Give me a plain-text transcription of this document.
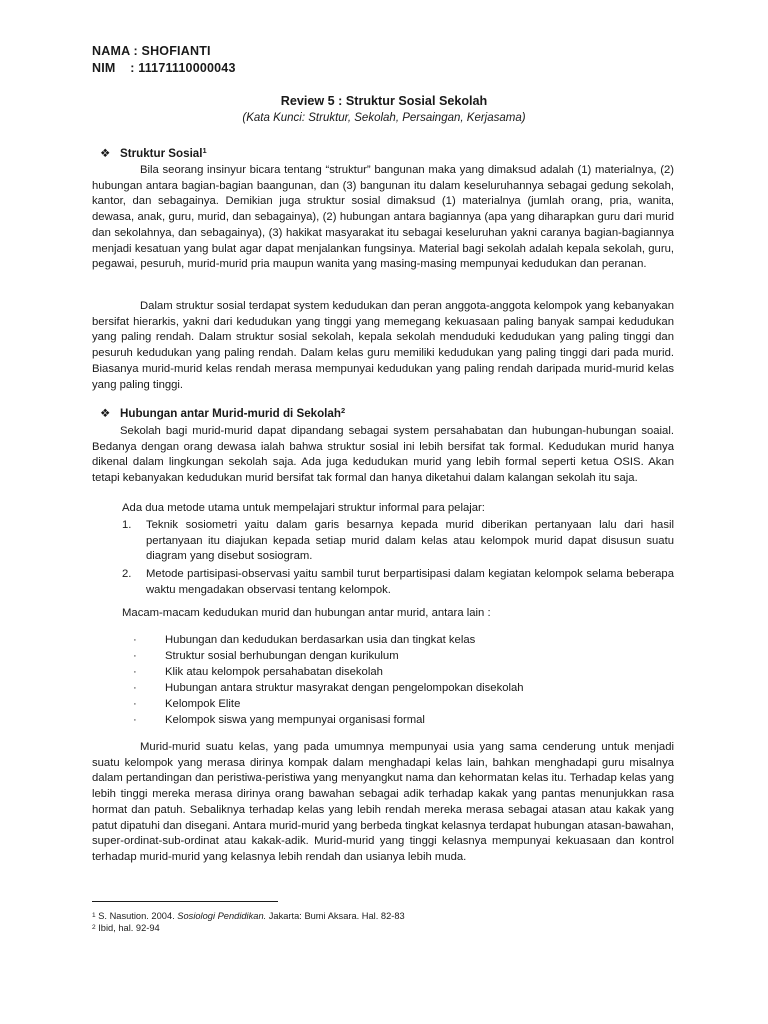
NAMA : SHOFIANTI
NIM    : 11171110000043
Review 5 : Struktur Sosial Sekolah
(Kata Kunci: Struktur, Sekolah, Persaingan, Kerjasama)
❖ Struktur Sosial$^1$
Bila seorang insinyur bicara tentang “struktur” bangunan maka yang dimaksud adalah (1) materialnya, (2) hubungan antara bagian-bagian baangunan, dan (3) bangunan itu dalam keseluruhannya sebagai gedung sekolah, kantor, dan sebagainya. Demikian juga struktur sosial dimaksud (1) materialnya (jumlah orang, pria, wanita, dewasa, anak, guru, murid, dan sebagainya), (2) hubungan antara bagiannya (apa yang diharapkan guru dari murid dan sekolahnya, dan sebagainya), (3) hakikat masyarakat itu sebagai keseluruhan yakni caranya bagian-bagiannya menjadi kesatuan yang bulat agar dapat menjalankan fungsinya. Material bagi sekolah adalah kepala sekolah, guru, pegawai, pesuruh, murid-murid pria maupun wanita yang masing-masing mempunyai kedudukan dan peranan.
Dalam struktur sosial terdapat system kedudukan dan peran anggota-anggota kelompok yang kebanyakan bersifat hierarkis, yakni dari kedudukan yang tinggi yang memegang kekuasaan paling banyak sampai kedudukan yang paling rendah. Dalam struktur sosial sekolah, kepala sekolah menduduki kedudukan yang paling tinggi dan pesuruh kedudukan yang paling rendah. Dalam kelas guru memiliki kedudukan yang paling tinggi dari pada murid. Biasanya murid-murid kelas rendah merasa mempunyai kedudukan yang paling rendah daripada murid-murid kelas yang paling tinggi.
❖ Hubungan antar Murid-murid di Sekolah$^2$
Sekolah bagi murid-murid dapat dipandang sebagai system persahabatan dan hubungan-hubungan soaial. Bedanya dengan orang dewasa ialah bahwa struktur sosial ini lebih bersifat tak formal. Kedudukan murid hanya dikenal dalam lingkungan sekolah saja. Ada juga kedudukan murid yang lebih formal seperti ketua OSIS. Akan tetapi kebanyakan kedudukan murid bersifat tak formal dan hanya diketahui dalam kalangan sekolah itu saja.
Ada dua metode utama untuk mempelajari struktur informal para pelajar:
1. Teknik sosiometri yaitu dalam garis besarnya kepada murid diberikan pertanyaan lalu dari hasil pertanyaan itu diajukan kepada setiap murid dalam kelas atau kelompok murid dapat disusun suatu diagram yang disebut sosiogram.
2. Metode partisipasi-observasi yaitu sambil turut berpartisipasi dalam kegiatan kelompok selama beberapa waktu mengadakan observasi tentang kelompok.
Macam-macam kedudukan murid dan hubungan antar murid, antara lain :
· Hubungan dan kedudukan berdasarkan usia dan tingkat kelas
· Struktur sosial berhubungan dengan kurikulum
· Klik atau kelompok persahabatan disekolah
· Hubungan antara struktur masyrakat dengan pengelompokan disekolah
· Kelompok Elite
· Kelompok siswa yang mempunyai organisasi formal
Murid-murid suatu kelas, yang pada umumnya mempunyai usia yang sama cenderung untuk menjadi suatu kelompok yang merasa dirinya kompak dalam menghadapi kelas lain, bahkan menghadapi guru misalnya dalam pertandingan dan peristiwa-peristiwa yang menyangkut nama dan kehormatan kelas itu. Terhadap kelas yang lebih tinggi mereka merasa dirinya orang bawahan sebagai adik terhadap kakak yang pantas menunjukkan rasa hormat dan patuh. Sebaliknya terhadap kelas yang lebih rendah mereka merasa sebagai atasan atau kakak yang patut dipatuhi dan disegani. Antara murid-murid yang berbeda tingkat kelasnya terdapat hubungan atasan-bawahan, super-ordinat-sub-ordinat atau kakak-adik. Murid-murid yang tinggi kelasnya mempunyai kekuasaan dan kontrol terhadap murid-murid yang kelasnya lebih rendah dan usianya lebih muda.
$^1$ S. Nasution. 2004. Sosiologi Pendidikan. Jakarta: Bumi Aksara. Hal. 82-83
$^2$ Ibid, hal. 92-94
